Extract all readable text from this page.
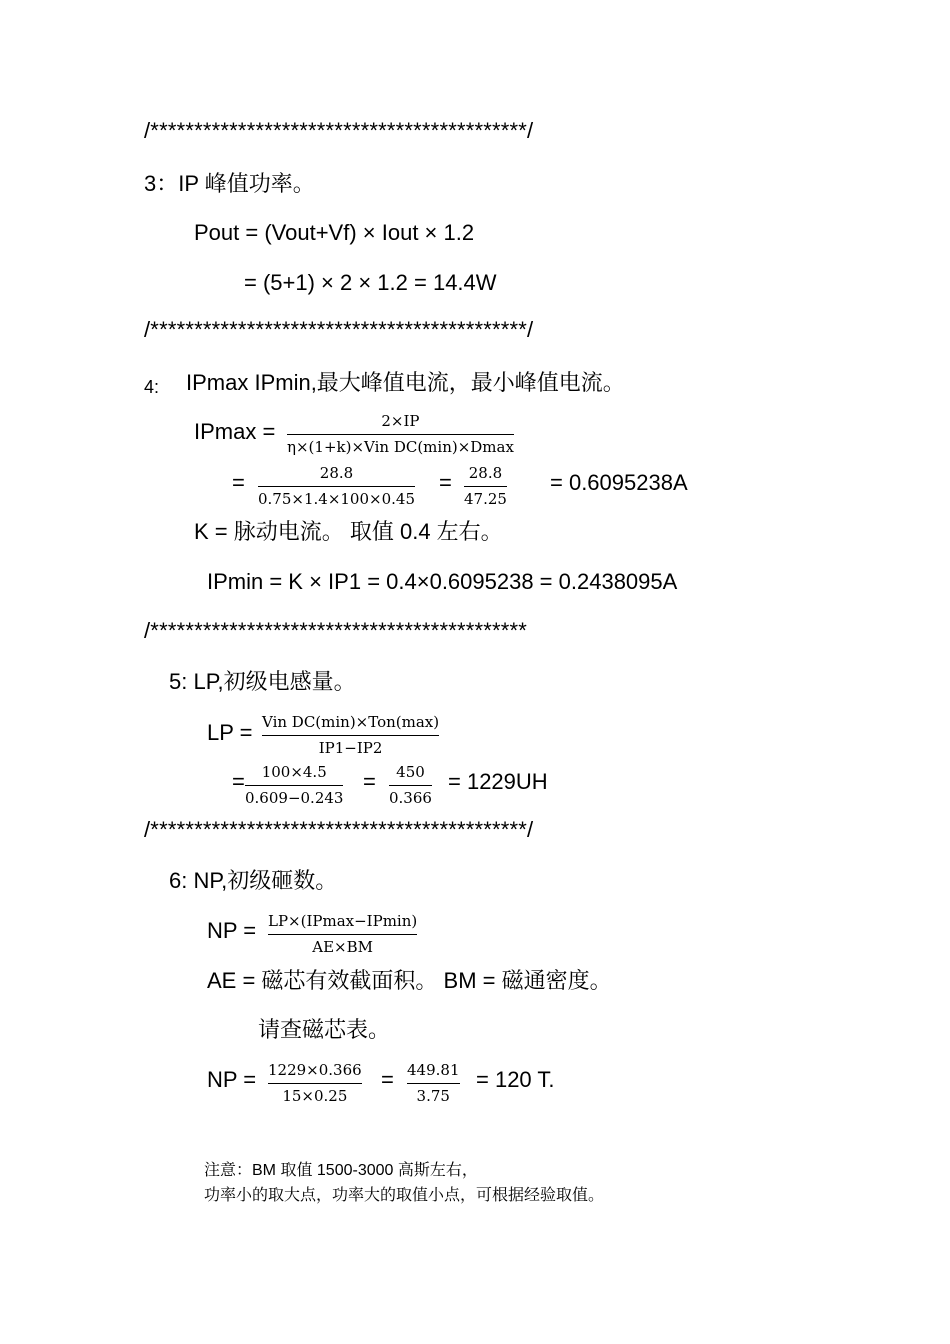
/*******************************************/
3：IP 峰值功率。
Pout = (Vout+Vf) × Iout × 1.2
= (5+1) × 2 × 1.2 = 14.4W
/*******************************************/
4: IPmax IPmin,最大峰值电流，最小峰值电流。
IPmax =	2×IP
η×(1+k)×Vin DC(min)×Dmax
=	28.8
0.75×1.4×100×0.45
= 28.8
47.25
= 0.6095238A
K = 脉动电流。 取值 0.4 左右。
IPmin = K × IP1 = 0.4×0.6095238 = 0.2438095A
/*******************************************
5: LP,初级电感量。
LP = Vin DC(min)×Ton(max)
IP1−IP2
= 100×4.5
0.609−0.243
= 450
0.366
= 1229UH
/*******************************************/
6: NP,初级砸数。
NP = LP×(IPmax−IPmin)
AE×BM
AE = 磁芯有效截面积。 BM = 磁通密度。
请查磁芯表。
NP = 1229×0.366
15×0.25
= 449.81
3.75
= 120 T.
注意：BM 取值 1500-3000 高斯左右，
功率小的取大点，功率大的取值小点，可根据经验取值。
